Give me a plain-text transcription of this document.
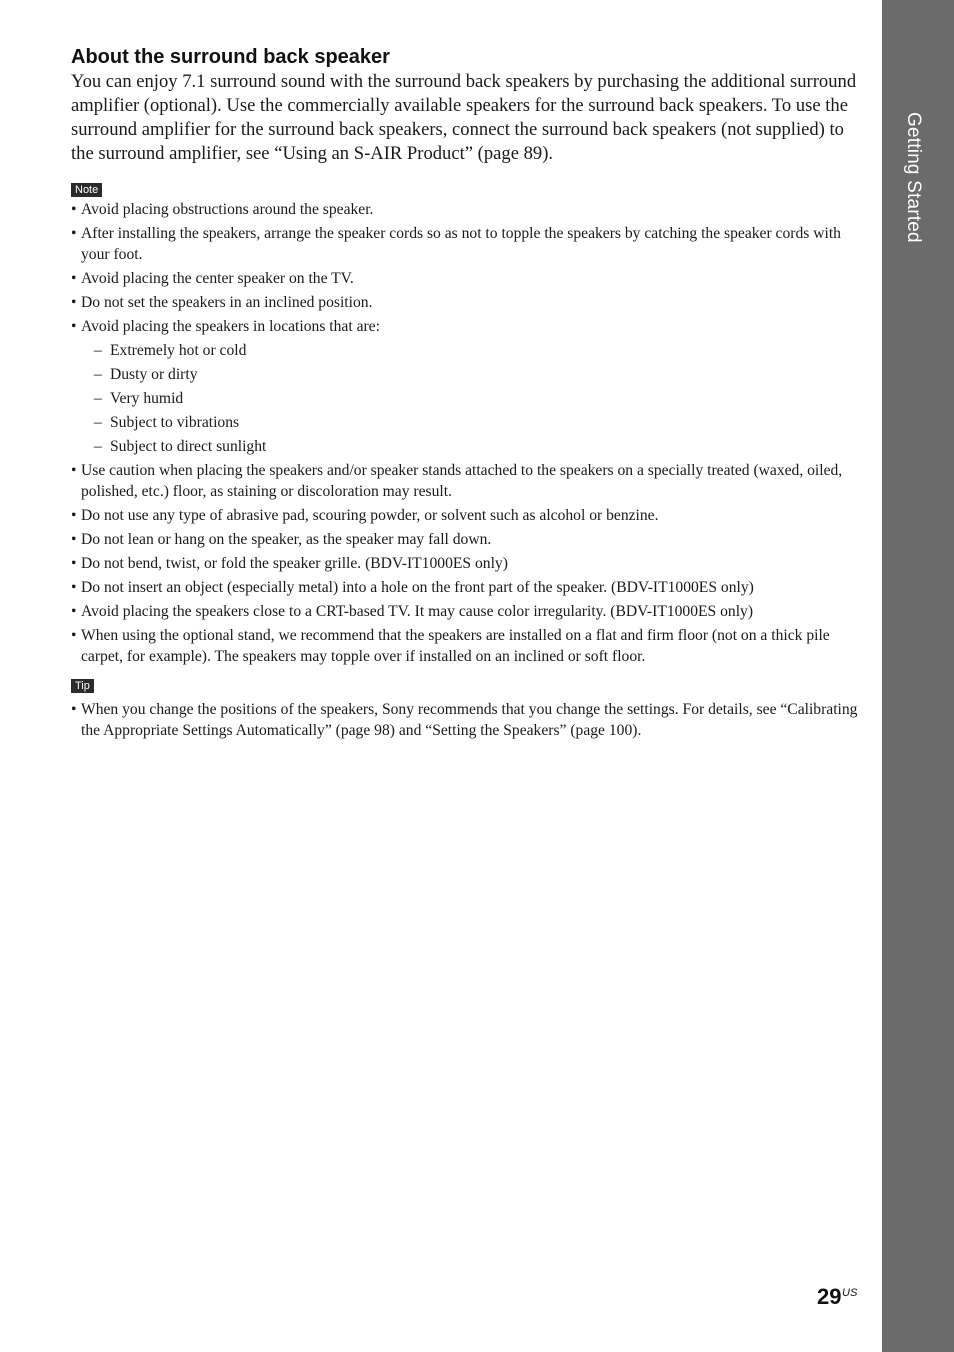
Getting Started
About the surround back speaker

You can enjoy 7.1 surround sound with the surround back speakers by purchasing the additional surround amplifier (optional). Use the commercially available speakers for the surround back speakers. To use the surround amplifier for the surround back speakers, connect the surround back speakers (not supplied) to the surround amplifier, see “Using an S-AIR Product” (page 89).

Note
• Avoid placing obstructions around the speaker.
• After installing the speakers, arrange the speaker cords so as not to topple the speakers by catching the speaker cords with your foot.
• Avoid placing the center speaker on the TV.
• Do not set the speakers in an inclined position.
• Avoid placing the speakers in locations that are:
– Extremely hot or cold
– Dusty or dirty
– Very humid
– Subject to vibrations
– Subject to direct sunlight
• Use caution when placing the speakers and/or speaker stands attached to the speakers on a specially treated (waxed, oiled, polished, etc.) floor, as staining or discoloration may result.
• Do not use any type of abrasive pad, scouring powder, or solvent such as alcohol or benzine.
• Do not lean or hang on the speaker, as the speaker may fall down.
• Do not bend, twist, or fold the speaker grille. (BDV-IT1000ES only)
• Do not insert an object (especially metal) into a hole on the front part of the speaker. (BDV-IT1000ES only)
• Avoid placing the speakers close to a CRT-based TV. It may cause color irregularity. (BDV-IT1000ES only)
• When using the optional stand, we recommend that the speakers are installed on a flat and firm floor (not on a thick pile carpet, for example). The speakers may topple over if installed on an inclined or soft floor.
Tip
• When you change the positions of the speakers, Sony recommends that you change the settings. For details, see “Calibrating the Appropriate Settings Automatically” (page 98) and “Setting the Speakers” (page 100).
29 US
